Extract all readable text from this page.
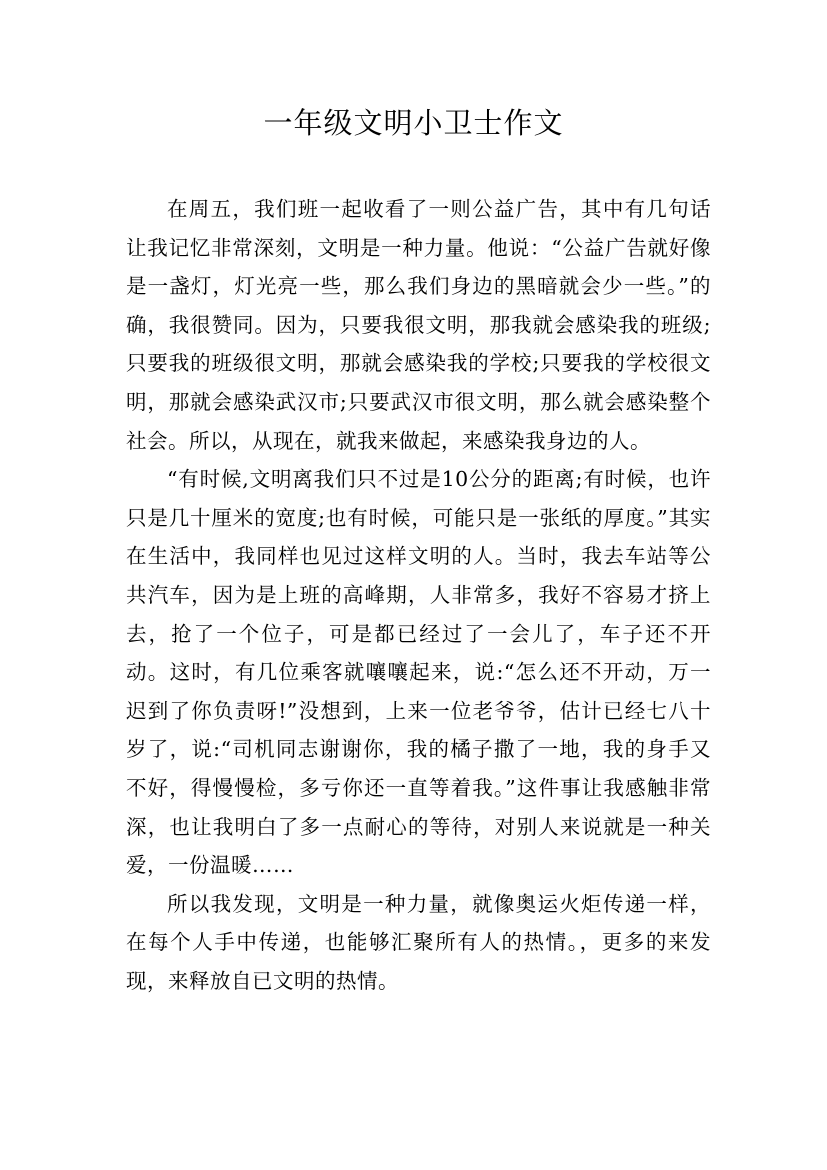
一年级文明小卫士作文

在周五，我们班一起收看了一则公益广告，其中有几句话让我记忆非常深刻，文明是一种力量。他说：“公益广告就好像是一盏灯，灯光亮一些，那么我们身边的黑暗就会少一些。”的确，我很赞同。因为，只要我很文明，那我就会感染我的班级;只要我的班级很文明，那就会感染我的学校;只要我的学校很文明，那就会感染武汉市;只要武汉市很文明，那么就会感染整个社会。所以，从现在，就我来做起，来感染我身边的人。

“有时候,文明离我们只不过是10公分的距离;有时候，也许只是几十厘米的宽度;也有时候，可能只是一张纸的厚度。”其实在生活中，我同样也见过这样文明的人。当时，我去车站等公共汽车，因为是上班的高峰期，人非常多，我好不容易才挤上去，抢了一个位子，可是都已经过了一会儿了，车子还不开动。这时，有几位乘客就嚷嚷起来，说:“怎么还不开动，万一迟到了你负责呀!”没想到，上来一位老爷爷，估计已经七八十岁了，说:“司机同志谢谢你，我的橘子撒了一地，我的身手又不好，得慢慢检，多亏你还一直等着我。”这件事让我感触非常深，也让我明白了多一点耐心的等待，对别人来说就是一种关爱，一份温暖……

所以我发现，文明是一种力量，就像奥运火炬传递一样，在每个人手中传递，也能够汇聚所有人的热情。，更多的来发现，来释放自已文明的热情。
